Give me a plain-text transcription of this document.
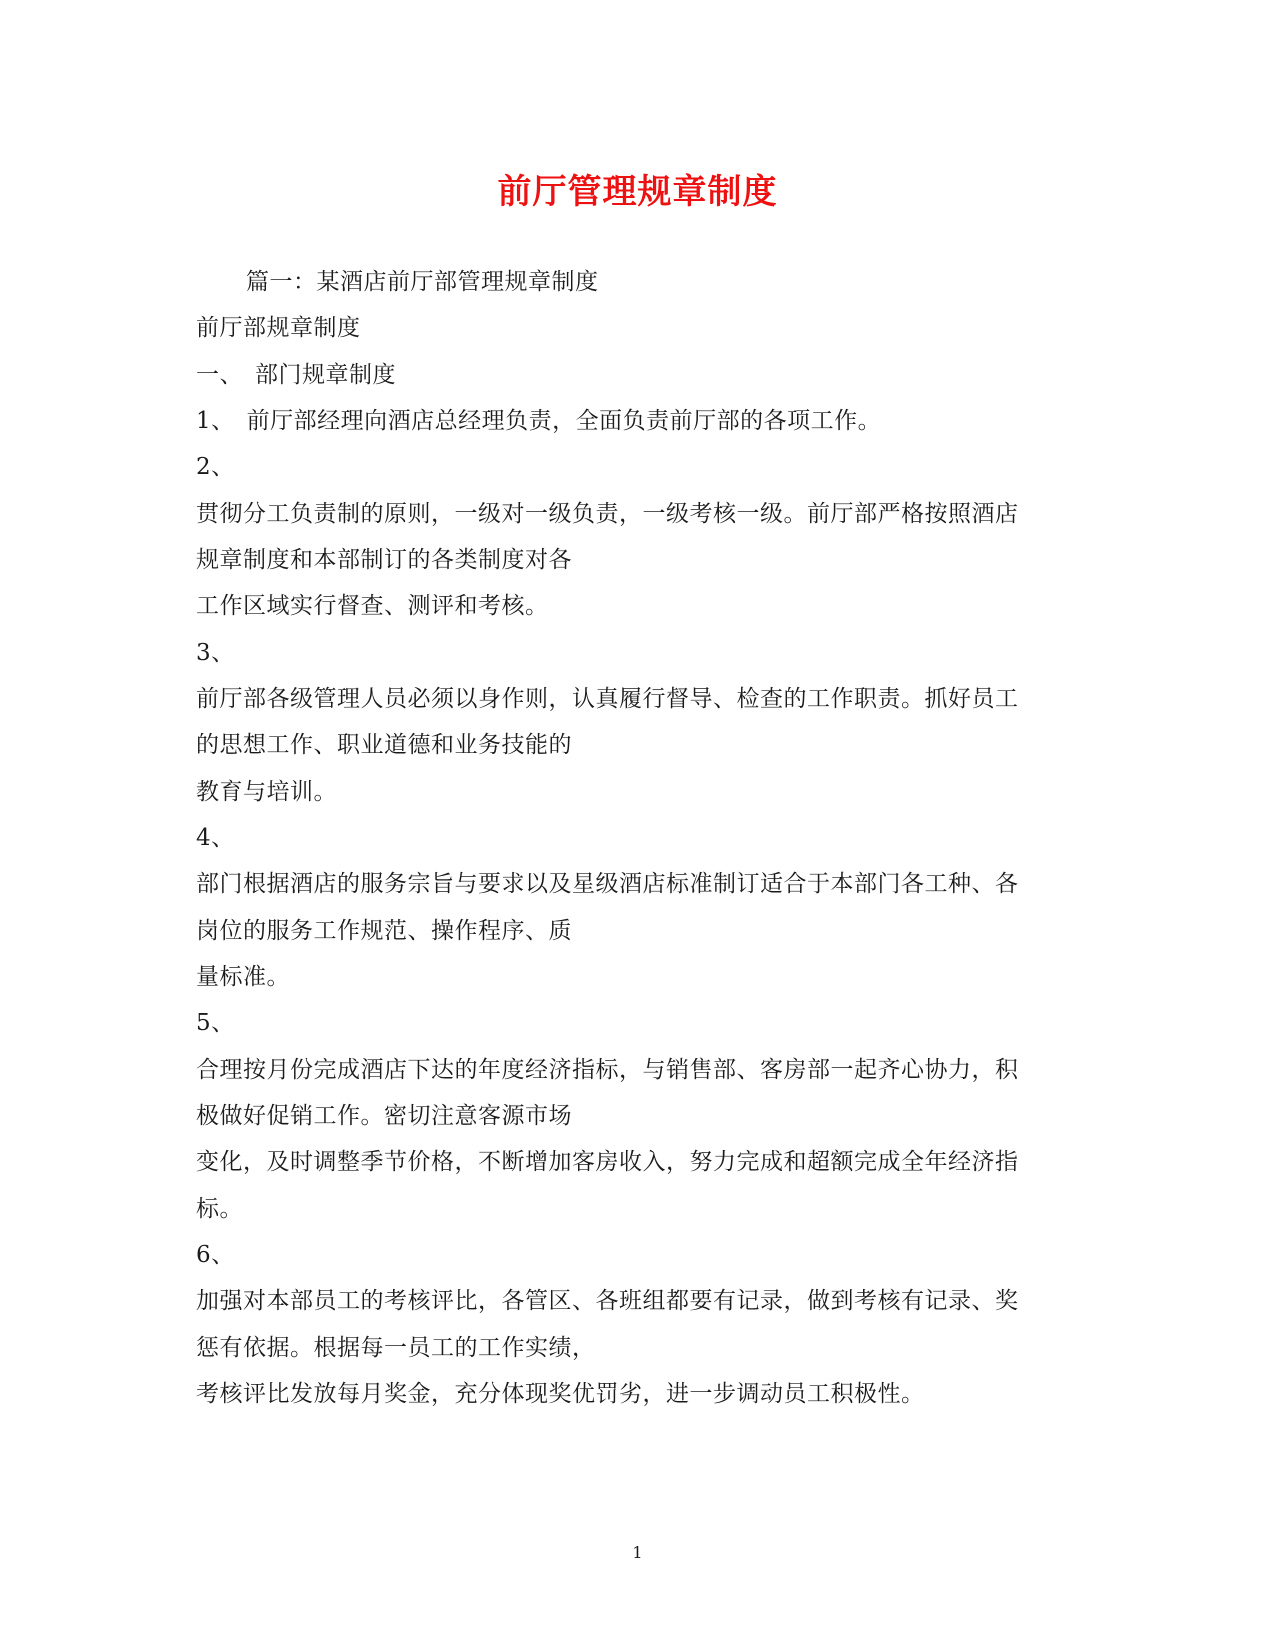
前厅管理规章制度
篇一：某酒店前厅部管理规章制度
前厅部规章制度
一、　部门规章制度
1、　前厅部经理向酒店总经理负责，全面负责前厅部的各项工作。
2、
贯彻分工负责制的原则，一级对一级负责，一级考核一级。前厅部严格按照酒店
规章制度和本部制订的各类制度对各
工作区域实行督查、测评和考核。
3、
前厅部各级管理人员必须以身作则，认真履行督导、检查的工作职责。抓好员工
的思想工作、职业道德和业务技能的
教育与培训。
4、
部门根据酒店的服务宗旨与要求以及星级酒店标准制订适合于本部门各工种、各
岗位的服务工作规范、操作程序、质
量标准。
5、
合理按月份完成酒店下达的年度经济指标，与销售部、客房部一起齐心协力，积
极做好促销工作。密切注意客源市场
变化，及时调整季节价格，不断增加客房收入，努力完成和超额完成全年经济指
标。
6、
加强对本部员工的考核评比，各管区、各班组都要有记录，做到考核有记录、奖
惩有依据。根据每一员工的工作实绩，
考核评比发放每月奖金，充分体现奖优罚劣，进一步调动员工积极性。
1
